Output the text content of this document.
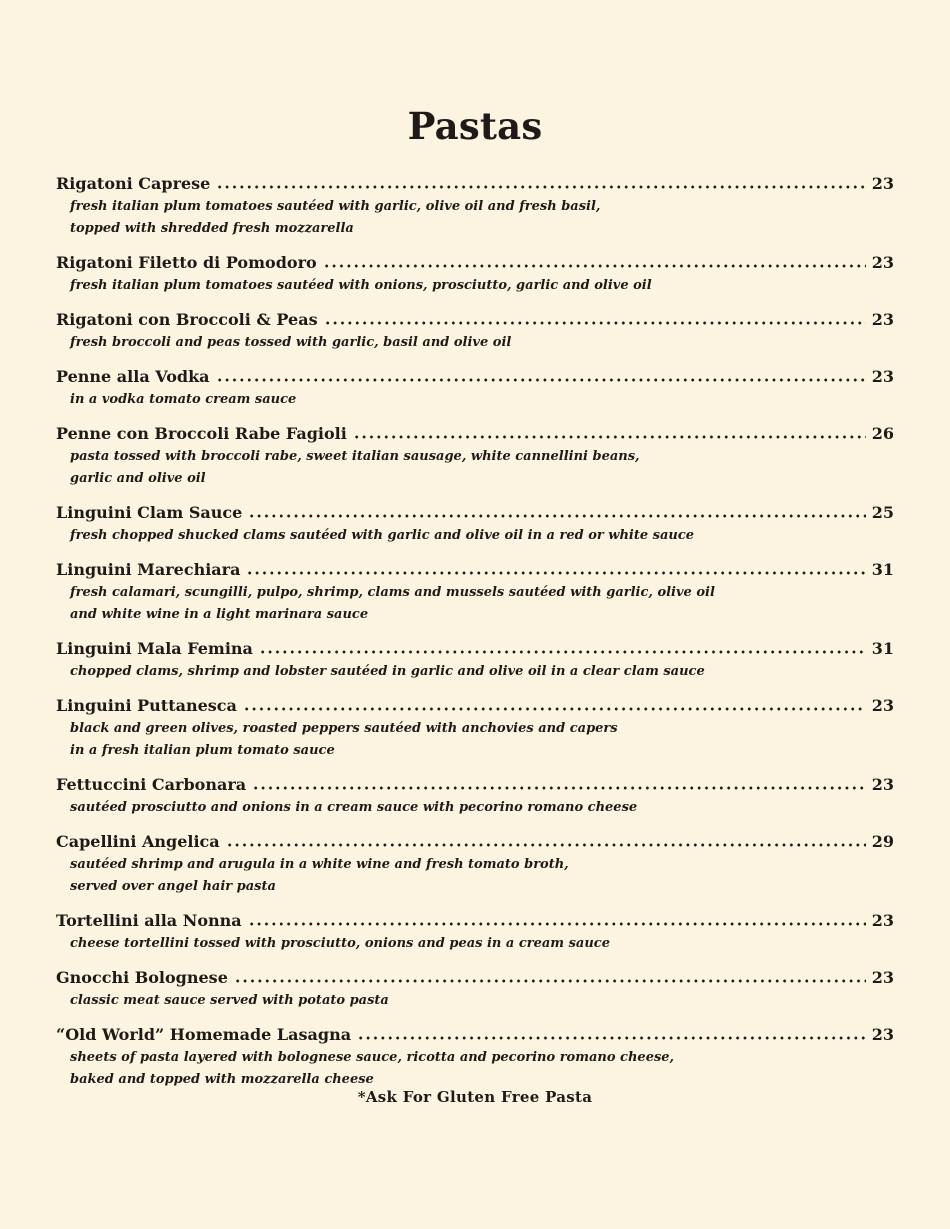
Pastas
Rigatoni Caprese	23
fresh italian plum tomatoes sautéed with garlic, olive oil and fresh basil,
topped with shredded fresh mozzarella
Rigatoni Filetto di Pomodoro	23
fresh italian plum tomatoes sautéed with onions, prosciutto, garlic and olive oil
Rigatoni con Broccoli & Peas	23
fresh broccoli and peas tossed with garlic, basil and olive oil
Penne alla Vodka	23
in a vodka tomato cream sauce
Penne con Broccoli Rabe Fagioli	26
pasta tossed with broccoli rabe, sweet italian sausage, white cannellini beans,
garlic and olive oil
Linguini Clam Sauce	25
fresh chopped shucked clams sautéed with garlic and olive oil in a red or white sauce
Linguini Marechiara	31
fresh calamari, scungilli, pulpo, shrimp, clams and mussels sautéed with garlic, olive oil
and white wine in a light marinara sauce
Linguini Mala Femina	31
chopped clams, shrimp and lobster sautéed in garlic and olive oil in a clear clam sauce
Linguini Puttanesca	23
black and green olives, roasted peppers sautéed with anchovies and capers
in a fresh italian plum tomato sauce
Fettuccini Carbonara	23
sautéed prosciutto and onions in a cream sauce with pecorino romano cheese
Capellini Angelica	29
sautéed shrimp and arugula in a white wine and fresh tomato broth,
served over angel hair pasta
Tortellini alla Nonna	23
cheese tortellini tossed with prosciutto, onions and peas in a cream sauce
Gnocchi Bolognese	23
classic meat sauce served with potato pasta
“Old World” Homemade Lasagna	23
sheets of pasta layered with bolognese sauce, ricotta and pecorino romano cheese,
baked and topped with mozzarella cheese
*Ask For Gluten Free Pasta
